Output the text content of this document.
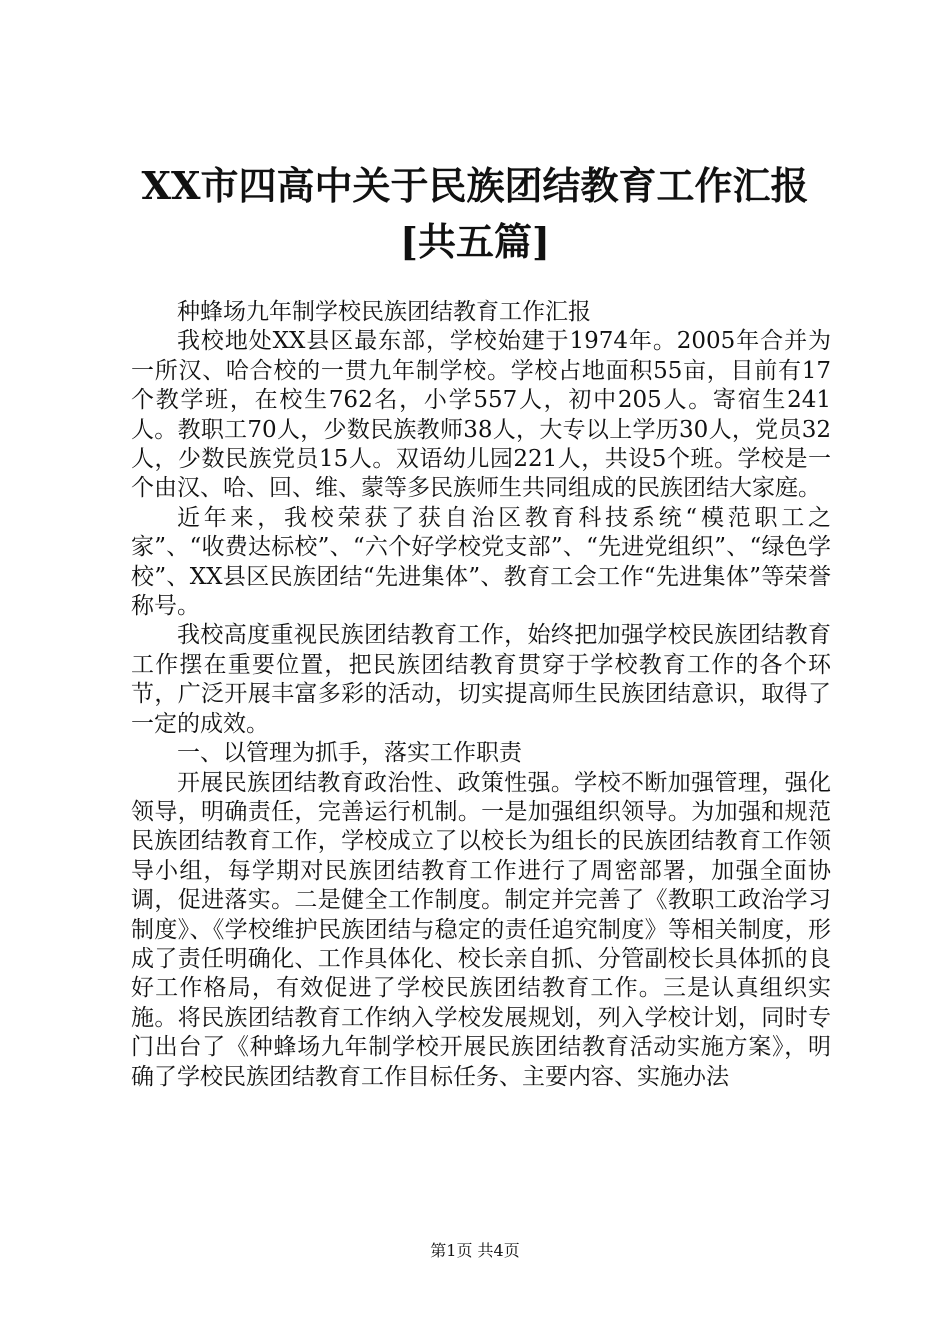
XX市四高中关于民族团结教育工作汇报[共五篇]

种蜂场九年制学校民族团结教育工作汇报

我校地处XX县区最东部，学校始建于1974年。2005年合并为一所汉、哈合校的一贯九年制学校。学校占地面积55亩，目前有17个教学班，在校生762名，小学557人，初中205人。寄宿生241人。教职工70人，少数民族教师38人，大专以上学历30人，党员32人，少数民族党员15人。双语幼儿园221人，共设5个班。学校是一个由汉、哈、回、维、蒙等多民族师生共同组成的民族团结大家庭。

近年来，我校荣获了获自治区教育科技系统“模范职工之家”、“收费达标校”、“六个好学校党支部”、“先进党组织”、“绿色学校”、XX县区民族团结“先进集体”、教育工会工作“先进集体”等荣誉称号。

我校高度重视民族团结教育工作，始终把加强学校民族团结教育工作摆在重要位置，把民族团结教育贯穿于学校教育工作的各个环节，广泛开展丰富多彩的活动，切实提高师生民族团结意识，取得了一定的成效。

一、以管理为抓手，落实工作职责

开展民族团结教育政治性、政策性强。学校不断加强管理，强化领导，明确责任，完善运行机制。一是加强组织领导。为加强和规范民族团结教育工作，学校成立了以校长为组长的民族团结教育工作领导小组，每学期对民族团结教育工作进行了周密部署，加强全面协调，促进落实。二是健全工作制度。制定并完善了《教职工政治学习制度》、《学校维护民族团结与稳定的责任追究制度》等相关制度，形成了责任明确化、工作具体化、校长亲自抓、分管副校长具体抓的良好工作格局，有效促进了学校民族团结教育工作。三是认真组织实施。将民族团结教育工作纳入学校发展规划，列入学校计划，同时专门出台了《种蜂场九年制学校开展民族团结教育活动实施方案》，明确了学校民族团结教育工作目标任务、主要内容、实施办法

第1页 共4页
